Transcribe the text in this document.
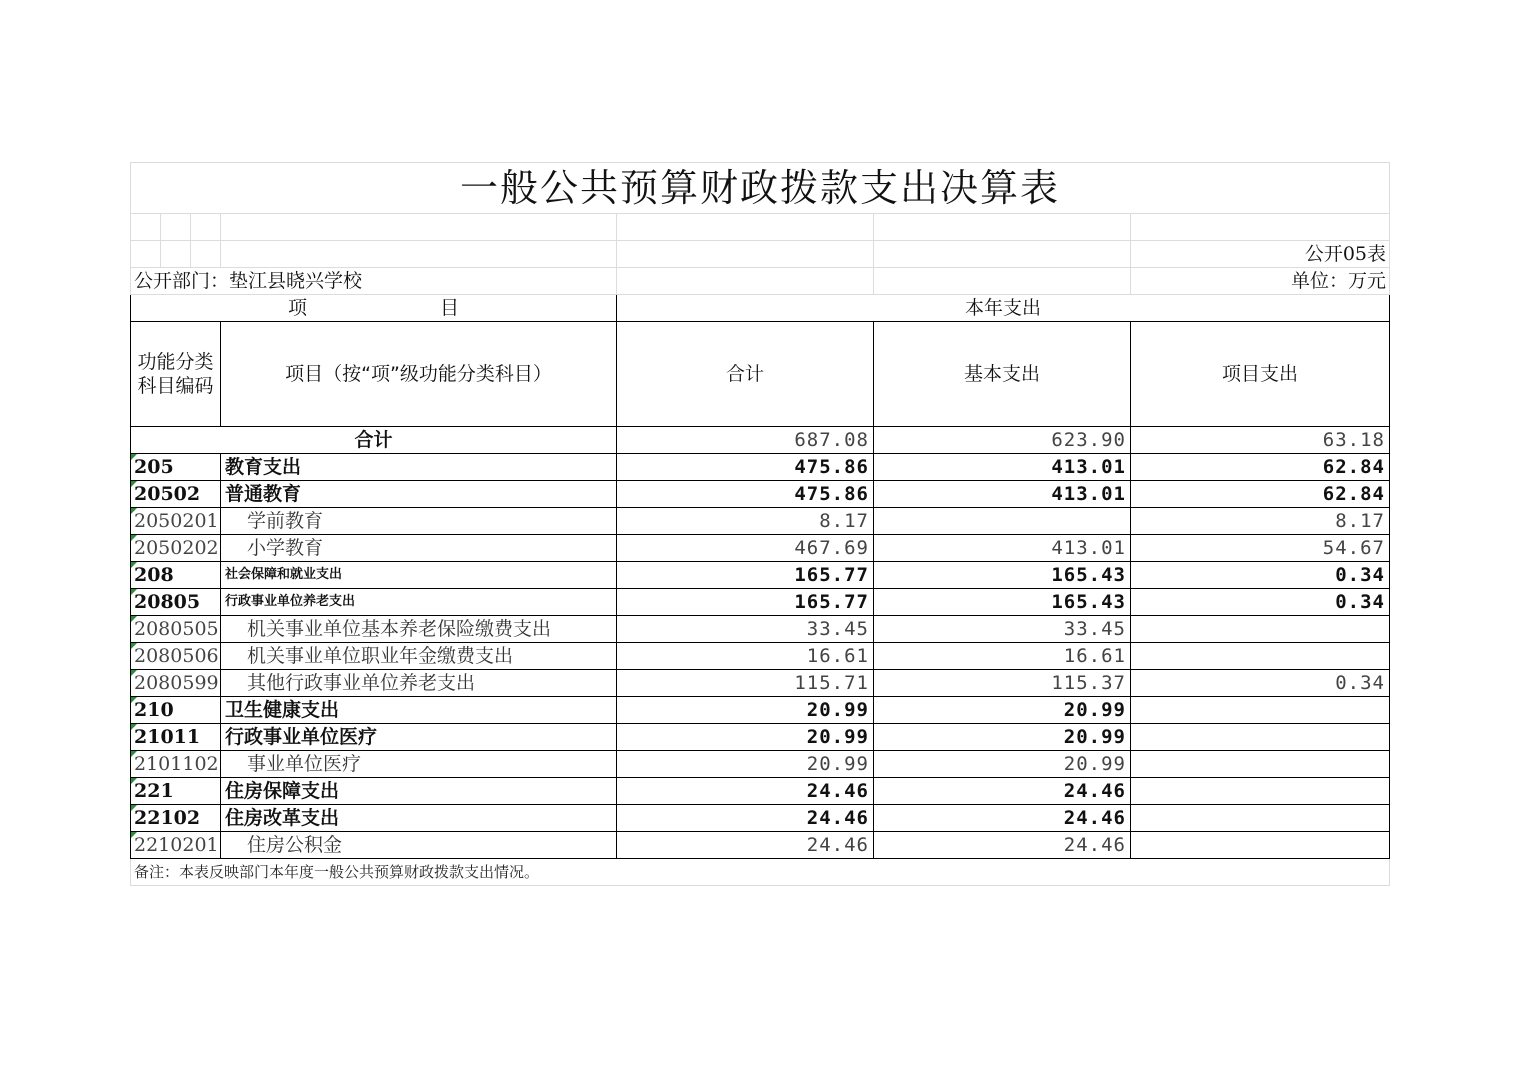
一般公共预算财政拨款支出决算表						

						公开05表
公开部门：垫江县晓兴学校						单位：万元
项　　　　　　　目				本年支出		
功能分类科目编码			项目（按“项”级功能分类科目）	合计	基本支出	项目支出
合计				687.08	623.90	63.18
205			教育支出	475.86	413.01	62.84
20502			普通教育	475.86	413.01	62.84
2050201			学前教育	8.17		8.17
2050202			小学教育	467.69	413.01	54.67
208			社会保障和就业支出	165.77	165.43	0.34
20805			行政事业单位养老支出	165.77	165.43	0.34
2080505			机关事业单位基本养老保险缴费支出	33.45	33.45	
2080506			机关事业单位职业年金缴费支出	16.61	16.61	
2080599			其他行政事业单位养老支出	115.71	115.37	0.34
210			卫生健康支出	20.99	20.99	
21011			行政事业单位医疗	20.99	20.99	
2101102			事业单位医疗	20.99	20.99	
221			住房保障支出	24.46	24.46	
22102			住房改革支出	24.46	24.46	
2210201			住房公积金	24.46	24.46	
备注：本表反映部门本年度一般公共预算财政拨款支出情况。						
